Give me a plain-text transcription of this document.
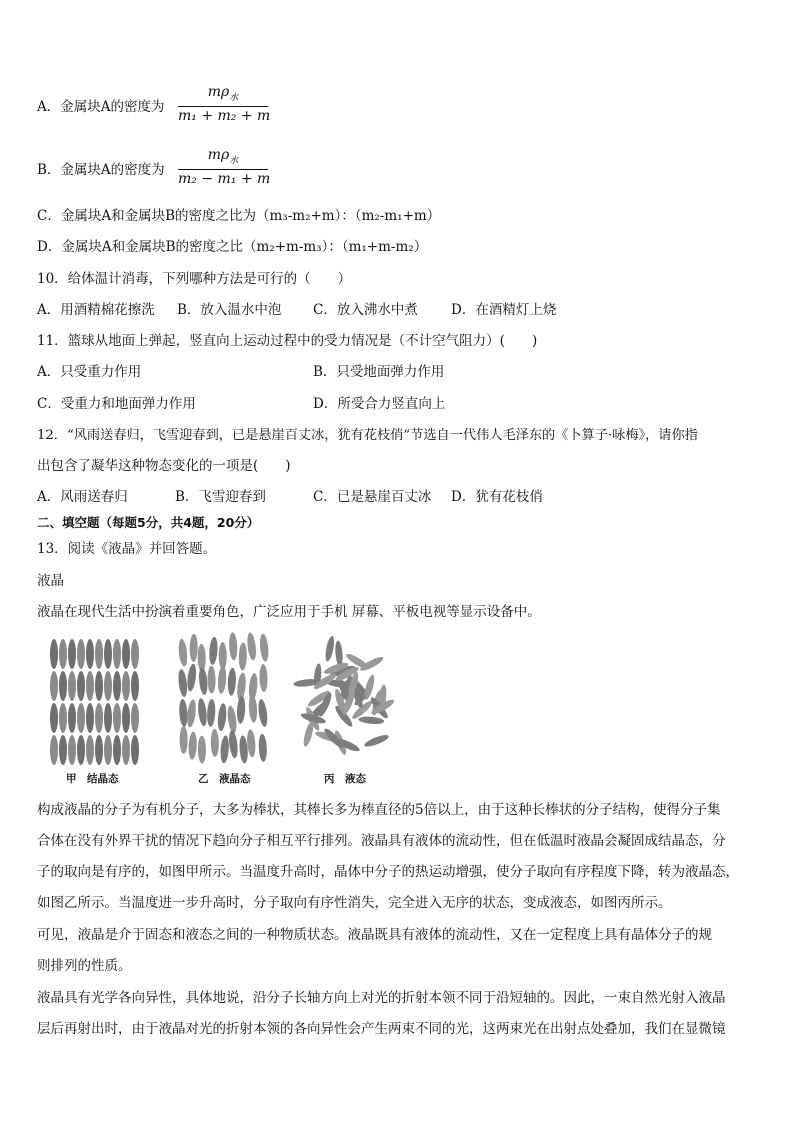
A．金属块A的密度为
$m\rho_水$
m₁ + m₂ + m
B．金属块A的密度为
$m\rho_水$
m₂ − m₁ + m
C．金属块A和金属块B的密度之比为（m₃-m₂+m）：（m₂-m₁+m）
D．金属块A和金属块B的密度之比（m₂+m-m₃）：（m₁+m-m₂）
10．给体温计消毒，下列哪种方法是可行的（　　）
A．用酒精棉花擦洗 B．放入温水中泡 C．放入沸水中煮 D．在酒精灯上烧
11．篮球从地面上弹起，竖直向上运动过程中的受力情况是（不计空气阻力）(　　)
A．只受重力作用	B．只受地面弹力作用
C．受重力和地面弹力作用	D．所受合力竖直向上
12．“风雨送春归，飞雪迎春到，已是悬崖百丈冰，犹有花枝俏”节选自一代伟人毛泽东的《卜算子·咏梅》，请你指
出包含了凝华这种物态变化的一项是(　　)
A．风雨送春归	B．飞雪迎春到	C．已是悬崖百丈冰 D．犹有花枝俏
二、填空题（每题5分，共4题，20分）
13．阅读《液晶》并回答题。
液晶
液晶在现代生活中扮演着重要角色，广泛应用于手机 屏幕、平板电视等显示设备中。
甲　结晶态	乙　液晶态	丙　液态
构成液晶的分子为有机分子，大多为棒状，其棒长多为棒直径的5倍以上，由于这种长棒状的分子结构，使得分子集
合体在没有外界干扰的情况下趋向分子相互平行排列。液晶具有液体的流动性，但在低温时液晶会凝固成结晶态，分
子的取向是有序的，如图甲所示。当温度升高时，晶体中分子的热运动增强，使分子取向有序程度下降，转为液晶态，
如图乙所示。当温度进一步升高时，分子取向有序性消失，完全进入无序的状态，变成液态，如图丙所示。
可见，液晶是介于固态和液态之间的一种物质状态。液晶既具有液体的流动性，又在一定程度上具有晶体分子的规
则排列的性质。
液晶具有光学各向异性，具体地说，沿分子长轴方向上对光的折射本领不同于沿短轴的。因此，一束自然光射入液晶
层后再射出时，由于液晶对光的折射本领的各向异性会产生两束不同的光，这两束光在出射点处叠加，我们在显微镜
